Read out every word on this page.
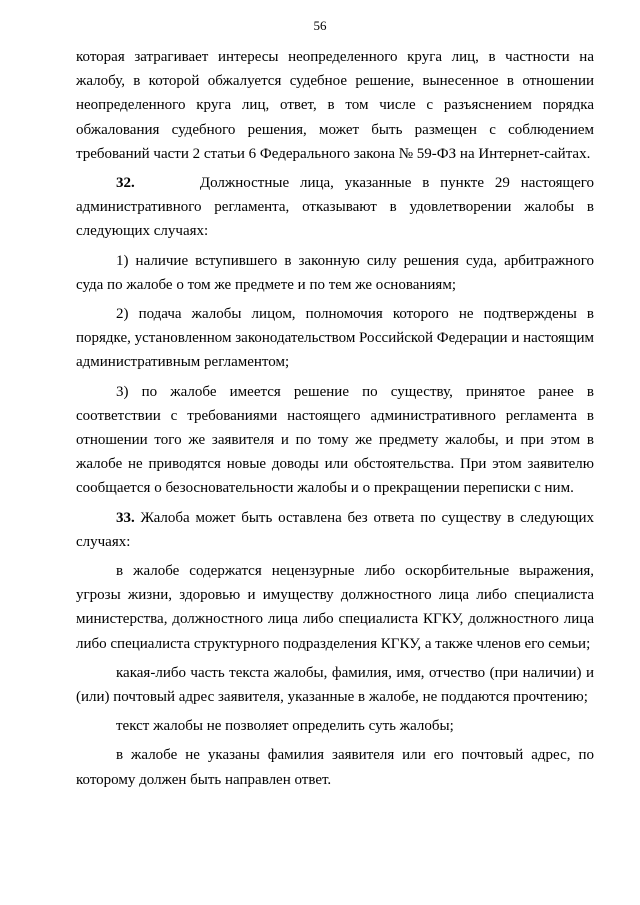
56

которая затрагивает интересы неопределенного круга лиц, в частности на жалобу, в которой обжалуется судебное решение, вынесенное в отношении неопределенного круга лиц, ответ, в том числе с разъяснением порядка обжалования судебного решения, может быть размещен с соблюдением требований части 2 статьи 6 Федерального закона № 59-ФЗ на Интернет-сайтах.

32.	Должностные лица, указанные в пункте 29 настоящего административного регламента, отказывают в удовлетворении жалобы в следующих случаях:

1) наличие вступившего в законную силу решения суда, арбитражного суда по жалобе о том же предмете и по тем же основаниям;

2) подача жалобы лицом, полномочия которого не подтверждены в порядке, установленном законодательством Российской Федерации и настоящим административным регламентом;

3) по жалобе имеется решение по существу, принятое ранее в соответствии с требованиями настоящего административного регламента в отношении того же заявителя и по тому же предмету жалобы, и при этом в жалобе не приводятся новые доводы или обстоятельства. При этом заявителю сообщается о безосновательности жалобы и о прекращении переписки с ним.

33. Жалоба может быть оставлена без ответа по существу в следующих случаях:

в жалобе содержатся нецензурные либо оскорбительные выражения, угрозы жизни, здоровью и имуществу должностного лица либо специалиста министерства, должностного лица либо специалиста КГКУ, должностного лица либо специалиста структурного подразделения КГКУ, а также членов его семьи;

какая-либо часть текста жалобы, фамилия, имя, отчество (при наличии) и (или) почтовый адрес заявителя, указанные в жалобе, не поддаются прочтению;

текст жалобы не позволяет определить суть жалобы;

в жалобе не указаны фамилия заявителя или его почтовый адрес, по которому должен быть направлен ответ.
